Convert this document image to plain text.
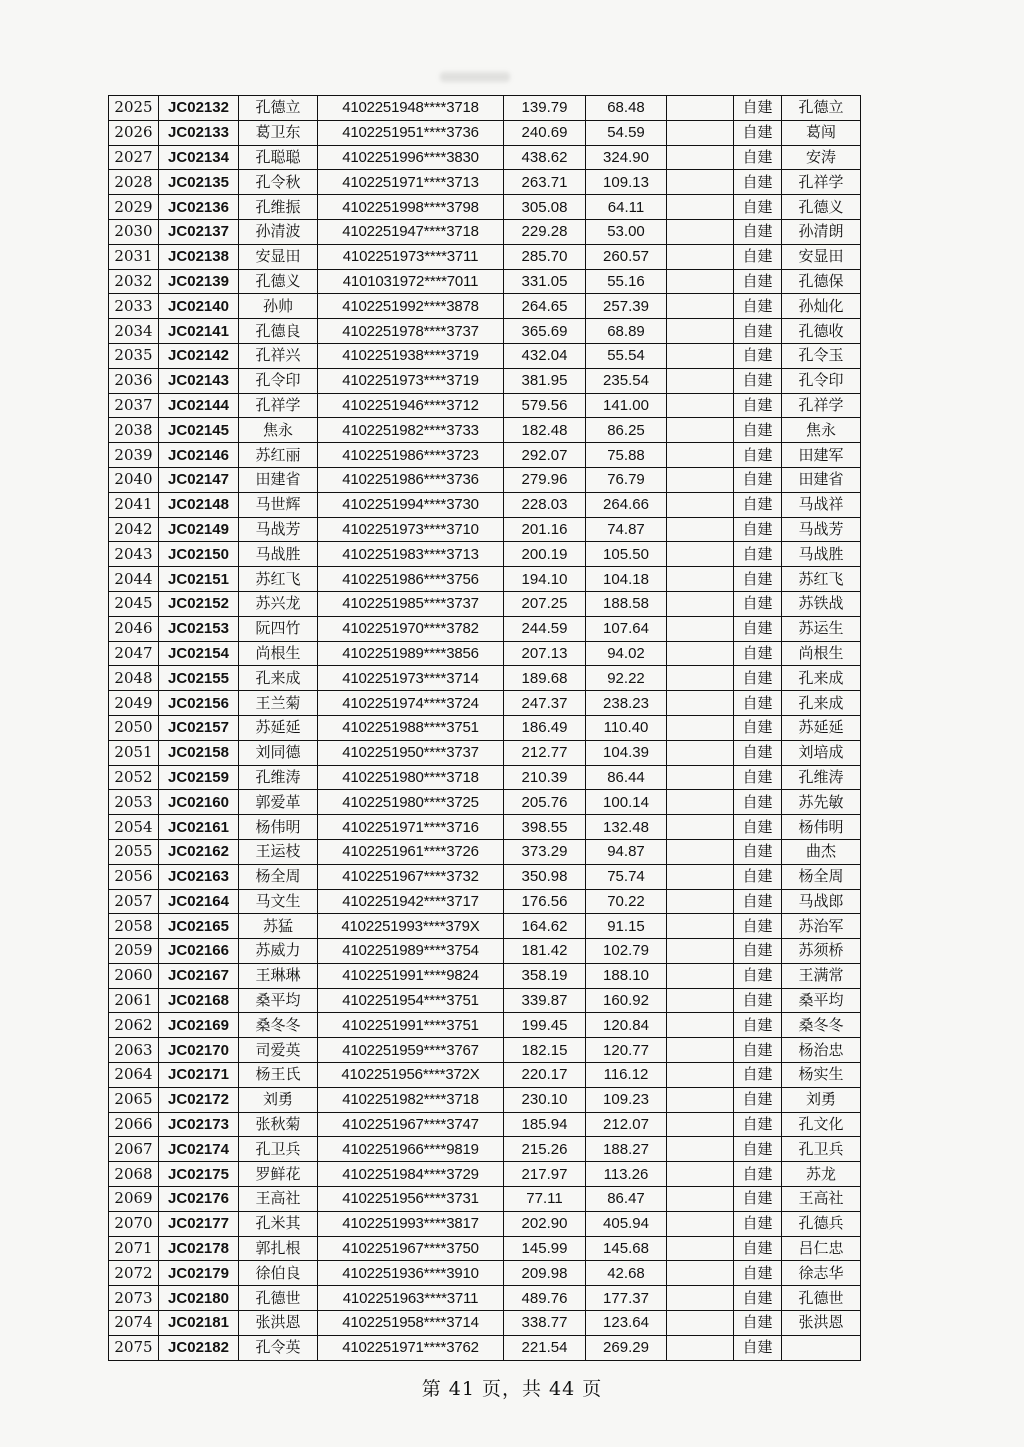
2025	JC02132	孔德立	4102251948****3718	139.79	68.48		自建	孔德立
2026	JC02133	葛卫东	4102251951****3736	240.69	54.59		自建	葛闯
2027	JC02134	孔聪聪	4102251996****3830	438.62	324.90		自建	安涛
2028	JC02135	孔令秋	4102251971****3713	263.71	109.13		自建	孔祥学
2029	JC02136	孔维振	4102251998****3798	305.08	64.11		自建	孔德义
2030	JC02137	孙清波	4102251947****3718	229.28	53.00		自建	孙清朗
2031	JC02138	安显田	4102251973****3711	285.70	260.57		自建	安显田
2032	JC02139	孔德义	4101031972****7011	331.05	55.16		自建	孔德保
2033	JC02140	孙帅	4102251992****3878	264.65	257.39		自建	孙灿化
2034	JC02141	孔德良	4102251978****3737	365.69	68.89		自建	孔德收
2035	JC02142	孔祥兴	4102251938****3719	432.04	55.54		自建	孔令玉
2036	JC02143	孔令印	4102251973****3719	381.95	235.54		自建	孔令印
2037	JC02144	孔祥学	4102251946****3712	579.56	141.00		自建	孔祥学
2038	JC02145	焦永	4102251982****3733	182.48	86.25		自建	焦永
2039	JC02146	苏红丽	4102251986****3723	292.07	75.88		自建	田建军
2040	JC02147	田建省	4102251986****3736	279.96	76.79		自建	田建省
2041	JC02148	马世辉	4102251994****3730	228.03	264.66		自建	马战祥
2042	JC02149	马战芳	4102251973****3710	201.16	74.87		自建	马战芳
2043	JC02150	马战胜	4102251983****3713	200.19	105.50		自建	马战胜
2044	JC02151	苏红飞	4102251986****3756	194.10	104.18		自建	苏红飞
2045	JC02152	苏兴龙	4102251985****3737	207.25	188.58		自建	苏铁战
2046	JC02153	阮四竹	4102251970****3782	244.59	107.64		自建	苏运生
2047	JC02154	尚根生	4102251989****3856	207.13	94.02		自建	尚根生
2048	JC02155	孔来成	4102251973****3714	189.68	92.22		自建	孔来成
2049	JC02156	王兰菊	4102251974****3724	247.37	238.23		自建	孔来成
2050	JC02157	苏延延	4102251988****3751	186.49	110.40		自建	苏延延
2051	JC02158	刘同德	4102251950****3737	212.77	104.39		自建	刘培成
2052	JC02159	孔维涛	4102251980****3718	210.39	86.44		自建	孔维涛
2053	JC02160	郭爱革	4102251980****3725	205.76	100.14		自建	苏先敏
2054	JC02161	杨伟明	4102251971****3716	398.55	132.48		自建	杨伟明
2055	JC02162	王运枝	4102251961****3726	373.29	94.87		自建	曲杰
2056	JC02163	杨全周	4102251967****3732	350.98	75.74		自建	杨全周
2057	JC02164	马文生	4102251942****3717	176.56	70.22		自建	马战郎
2058	JC02165	苏猛	4102251993****379X	164.62	91.15		自建	苏治军
2059	JC02166	苏威力	4102251989****3754	181.42	102.79		自建	苏须桥
2060	JC02167	王琳琳	4102251991****9824	358.19	188.10		自建	王满常
2061	JC02168	桑平均	4102251954****3751	339.87	160.92		自建	桑平均
2062	JC02169	桑冬冬	4102251991****3751	199.45	120.84		自建	桑冬冬
2063	JC02170	司爱英	4102251959****3767	182.15	120.77		自建	杨治忠
2064	JC02171	杨王氏	4102251956****372X	220.17	116.12		自建	杨实生
2065	JC02172	刘勇	4102251982****3718	230.10	109.23		自建	刘勇
2066	JC02173	张秋菊	4102251967****3747	185.94	212.07		自建	孔文化
2067	JC02174	孔卫兵	4102251966****9819	215.26	188.27		自建	孔卫兵
2068	JC02175	罗鲜花	4102251984****3729	217.97	113.26		自建	苏龙
2069	JC02176	王高社	4102251956****3731	77.11	86.47		自建	王高社
2070	JC02177	孔米其	4102251993****3817	202.90	405.94		自建	孔德兵
2071	JC02178	郭扎根	4102251967****3750	145.99	145.68		自建	吕仁忠
2072	JC02179	徐伯良	4102251936****3910	209.98	42.68		自建	徐志华
2073	JC02180	孔德世	4102251963****3711	489.76	177.37		自建	孔德世
2074	JC02181	张洪恩	4102251958****3714	338.77	123.64		自建	张洪恩
2075	JC02182	孔令英	4102251971****3762	221.54	269.29		自建	
第 41 页，共 44 页
